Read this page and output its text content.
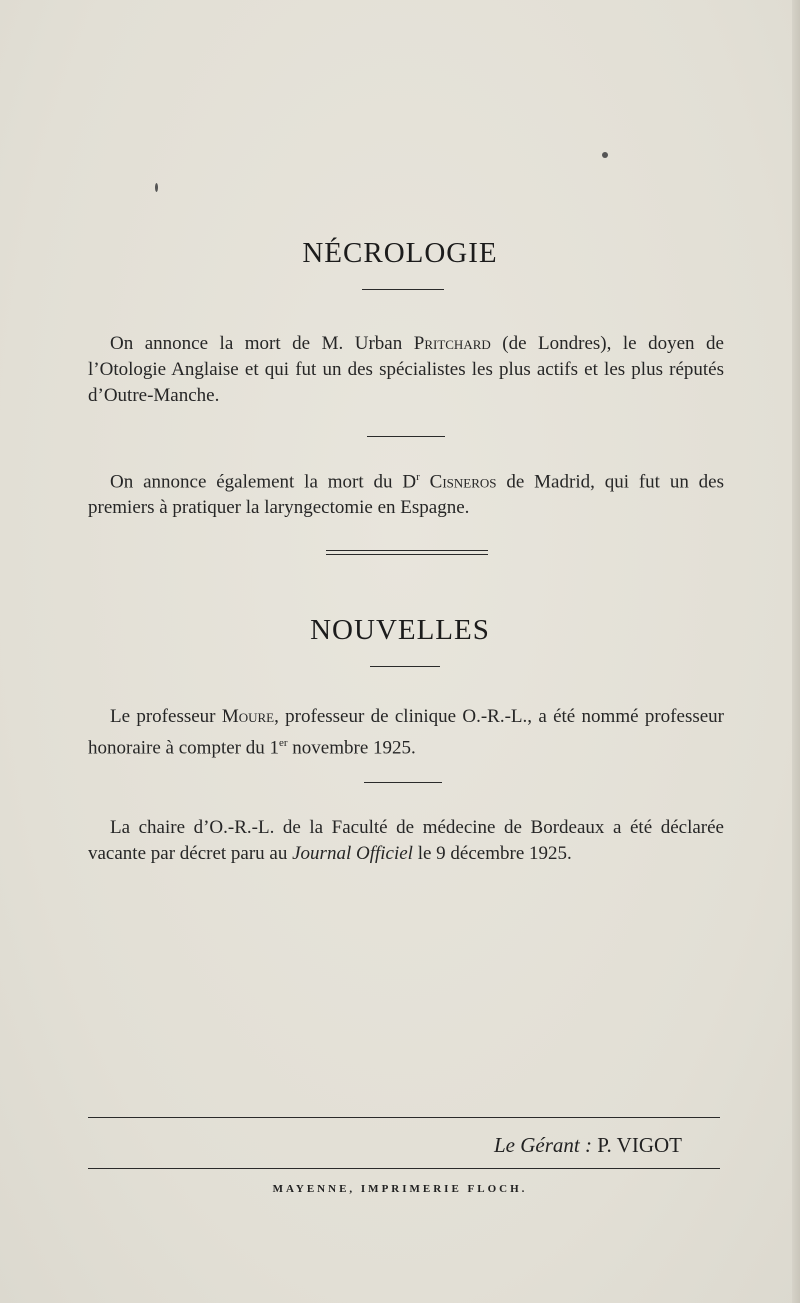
NÉCROLOGIE
On annonce la mort de M. Urban Pritchard (de Londres), le doyen de l’Otologie Anglaise et qui fut un des spécialistes les plus actifs et les plus réputés d’Outre-Manche.
On annonce également la mort du $D^r$ Cisneros de Madrid, qui fut un des premiers à pratiquer la laryngectomie en Espagne.
NOUVELLES
Le professeur Moure, professeur de clinique O.-R.-L., a été nommé professeur honoraire à compter du 1er novembre 1925.
La chaire d’O.-R.-L. de la Faculté de médecine de Bordeaux a été déclarée vacante par décret paru au Journal Officiel le 9 décembre 1925.
Le Gérant : P. VIGOT
MAYENNE, IMPRIMERIE FLOCH.
